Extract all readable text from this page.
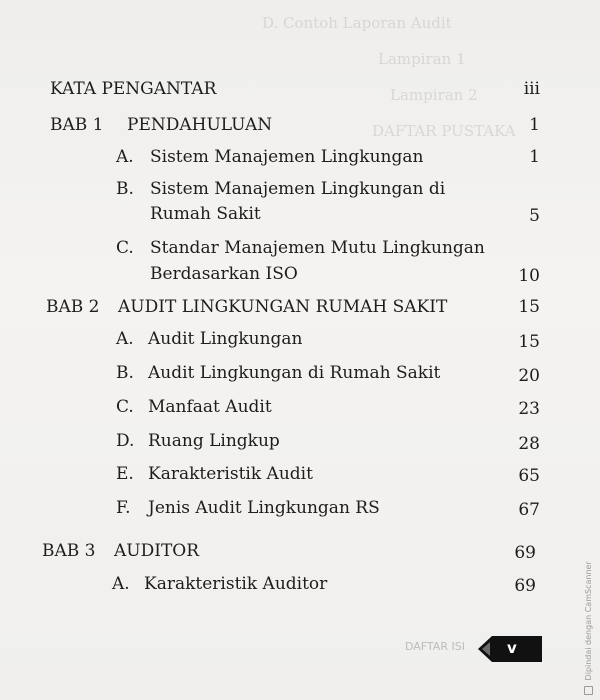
D. Contoh Laporan Audit
Lampiran 1
Lampiran 2
DAFTAR PUSTAKA
KATA PENGANTAR	iii
BAB 1 PENDAHULUAN	1
A. Sistem Manajemen Lingkungan	1
B. Sistem Manajemen Lingkungan di
Rumah Sakit	5
C. Standar Manajemen Mutu Lingkungan
Berdasarkan ISO	10
BAB 2 AUDIT LINGKUNGAN RUMAH SAKIT	15
A. Audit Lingkungan	15
B. Audit Lingkungan di Rumah Sakit	20
C. Manfaat Audit	23
D. Ruang Lingkup	28
E. Karakteristik Audit	65
F. Jenis Audit Lingkungan RS	67
BAB 3 AUDITOR	69
A. Karakteristik Auditor	69
DAFTAR ISI	v	Dipindai dengan CamScanner
